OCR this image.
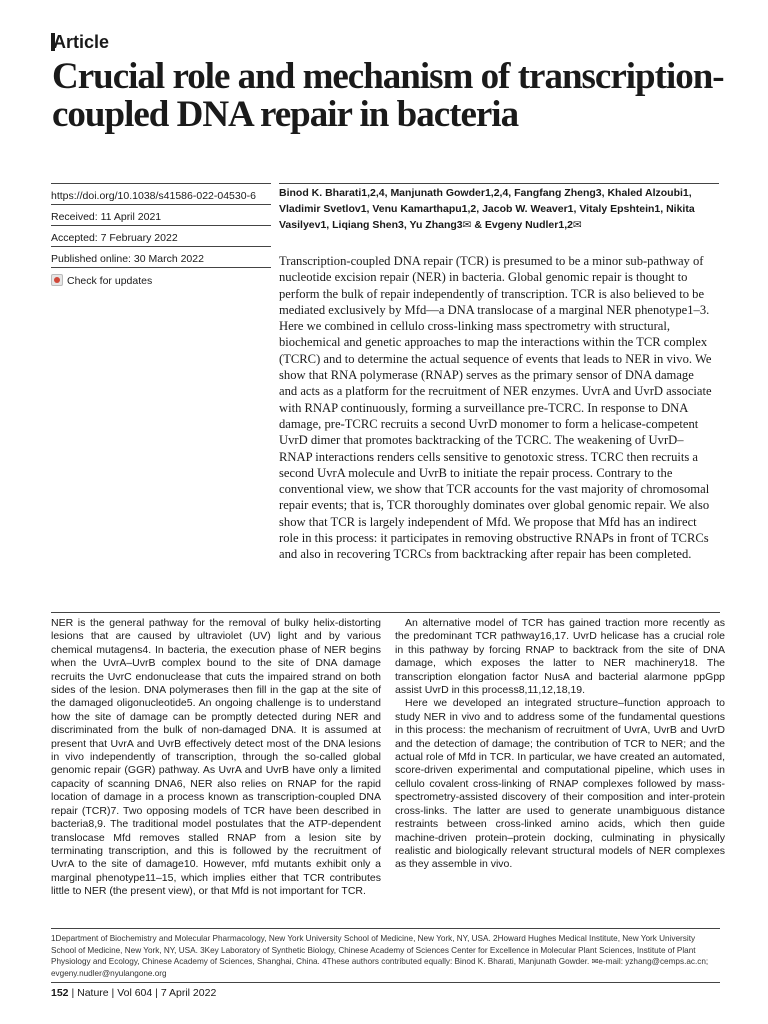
Article
Crucial role and mechanism of transcription-coupled DNA repair in bacteria
https://doi.org/10.1038/s41586-022-04530-6
Received: 11 April 2021
Accepted: 7 February 2022
Published online: 30 March 2022
Check for updates
Binod K. Bharati1,2,4, Manjunath Gowder1,2,4, Fangfang Zheng3, Khaled Alzoubi1, Vladimir Svetlov1, Venu Kamarthapu1,2, Jacob W. Weaver1, Vitaly Epshtein1, Nikita Vasilyev1, Liqiang Shen3, Yu Zhang3✉ & Evgeny Nudler1,2✉
Transcription-coupled DNA repair (TCR) is presumed to be a minor sub-pathway of nucleotide excision repair (NER) in bacteria. Global genomic repair is thought to perform the bulk of repair independently of transcription. TCR is also believed to be mediated exclusively by Mfd—a DNA translocase of a marginal NER phenotype1–3. Here we combined in cellulo cross-linking mass spectrometry with structural, biochemical and genetic approaches to map the interactions within the TCR complex (TCRC) and to determine the actual sequence of events that leads to NER in vivo. We show that RNA polymerase (RNAP) serves as the primary sensor of DNA damage and acts as a platform for the recruitment of NER enzymes. UvrA and UvrD associate with RNAP continuously, forming a surveillance pre-TCRC. In response to DNA damage, pre-TCRC recruits a second UvrD monomer to form a helicase-competent UvrD dimer that promotes backtracking of the TCRC. The weakening of UvrD–RNAP interactions renders cells sensitive to genotoxic stress. TCRC then recruits a second UvrA molecule and UvrB to initiate the repair process. Contrary to the conventional view, we show that TCR accounts for the vast majority of chromosomal repair events; that is, TCR thoroughly dominates over global genomic repair. We also show that TCR is largely independent of Mfd. We propose that Mfd has an indirect role in this process: it participates in removing obstructive RNAPs in front of TCRCs and also in recovering TCRCs from backtracking after repair has been completed.

NER is the general pathway for the removal of bulky helix-distorting lesions that are caused by ultraviolet (UV) light and by various chemical mutagens4. In bacteria, the execution phase of NER begins when the UvrA–UvrB complex bound to the site of DNA damage recruits the UvrC endonuclease that cuts the impaired strand on both sides of the lesion. DNA polymerases then fill in the gap at the site of the damaged oligonucleotide5. An ongoing challenge is to understand how the site of damage can be promptly detected during NER and discriminated from the bulk of non-damaged DNA. It is assumed at present that UvrA and UvrB effectively detect most of the DNA lesions in vivo independently of transcription, through the so-called global genomic repair (GGR) pathway. As UvrA and UvrB have only a limited capacity of scanning DNA6, NER also relies on RNAP for the rapid location of damage in a process known as transcription-coupled DNA repair (TCR)7. Two opposing models of TCR have been described in bacteria8,9. The traditional model postulates that the ATP-dependent translocase Mfd removes stalled RNAP from a lesion site by terminating transcription, and this is followed by the recruitment of UvrA to the site of damage10. However, mfd mutants exhibit only a marginal phenotype11–15, which implies either that TCR contributes little to NER (the present view), or that Mfd is not important for TCR.

An alternative model of TCR has gained traction more recently as the predominant TCR pathway16,17. UvrD helicase has a crucial role in this pathway by forcing RNAP to backtrack from the site of DNA damage, which exposes the latter to NER machinery18. The transcription elongation factor NusA and bacterial alarmone ppGpp assist UvrD in this process8,11,12,18,19.

Here we developed an integrated structure–function approach to study NER in vivo and to address some of the fundamental questions in this process: the mechanism of recruitment of UvrA, UvrB and UvrD and the detection of damage; the contribution of TCR to NER; and the actual role of Mfd in TCR. In particular, we have created an automated, score-driven experimental and computational pipeline, which uses in cellulo covalent cross-linking of RNAP complexes followed by mass-spectrometry-assisted discovery of their composition and inter-protein cross-links. The latter are used to generate unambiguous distance restraints between cross-linked amino acids, which then guide machine-driven protein–protein docking, culminating in physically realistic and biologically relevant structural models of NER complexes as they assemble in vivo.

1Department of Biochemistry and Molecular Pharmacology, New York University School of Medicine, New York, NY, USA. 2Howard Hughes Medical Institute, New York University School of Medicine, New York, NY, USA. 3Key Laboratory of Synthetic Biology, Chinese Academy of Sciences Center for Excellence in Molecular Plant Sciences, Institute of Plant Physiology and Ecology, Chinese Academy of Sciences, Shanghai, China. 4These authors contributed equally: Binod K. Bharati, Manjunath Gowder. ✉e-mail: yzhang@cemps.ac.cn; evgeny.nudler@nyulangone.org
152 | Nature | Vol 604 | 7 April 2022
